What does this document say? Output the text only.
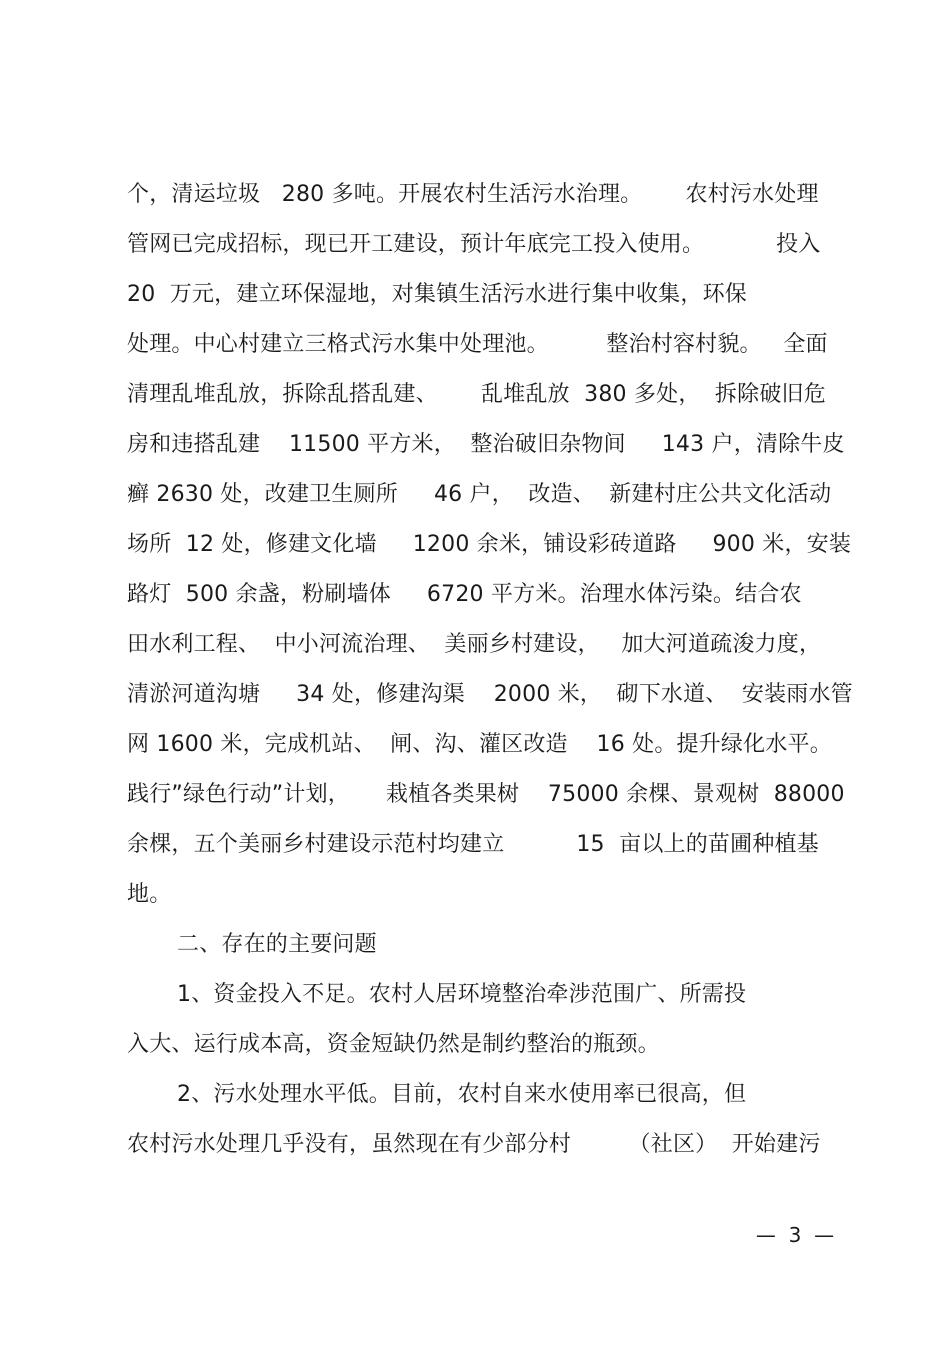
个，清运垃圾   280 多吨。开展农村生活污水治理。      农村污水处理
管网已完成招标，现已开工建设，预计年底完工投入使用。          投入
20  万元，建立环保湿地，对集镇生活污水进行集中收集，环保
处理。中心村建立三格式污水集中处理池。        整治村容村貌。   全面
清理乱堆乱放，拆除乱搭乱建、      乱堆乱放  380 多处，  拆除破旧危
房和违搭乱建    11500 平方米，  整治破旧杂物间     143 户，清除牛皮
癣 2630 处，改建卫生厕所     46 户，  改造、  新建村庄公共文化活动
场所  12 处，修建文化墙     1200 余米，铺设彩砖道路     900 米，安装
路灯  500 余盏，粉刷墙体     6720 平方米。治理水体污染。结合农
田水利工程、  中小河流治理、  美丽乡村建设，   加大河道疏浚力度，
清淤河道沟塘     34 处，修建沟渠    2000 米，  砌下水道、  安装雨水管
网 1600 米，完成机站、  闸、沟、灌区改造    16 处。提升绿化水平。
践行”绿色行动”计划，     栽植各类果树    75000 余棵、景观树  88000
余棵，五个美丽乡村建设示范村均建立          15  亩以上的苗圃种植基
地。
二、存在的主要问题
1、资金投入不足。农村人居环境整治牵涉范围广、所需投
入大、运行成本高，资金短缺仍然是制约整治的瓶颈。
2、污水处理水平低。目前，农村自来水使用率已很高，但
农村污水处理几乎没有，虽然现在有少部分村        （社区）  开始建污
—  3  —
